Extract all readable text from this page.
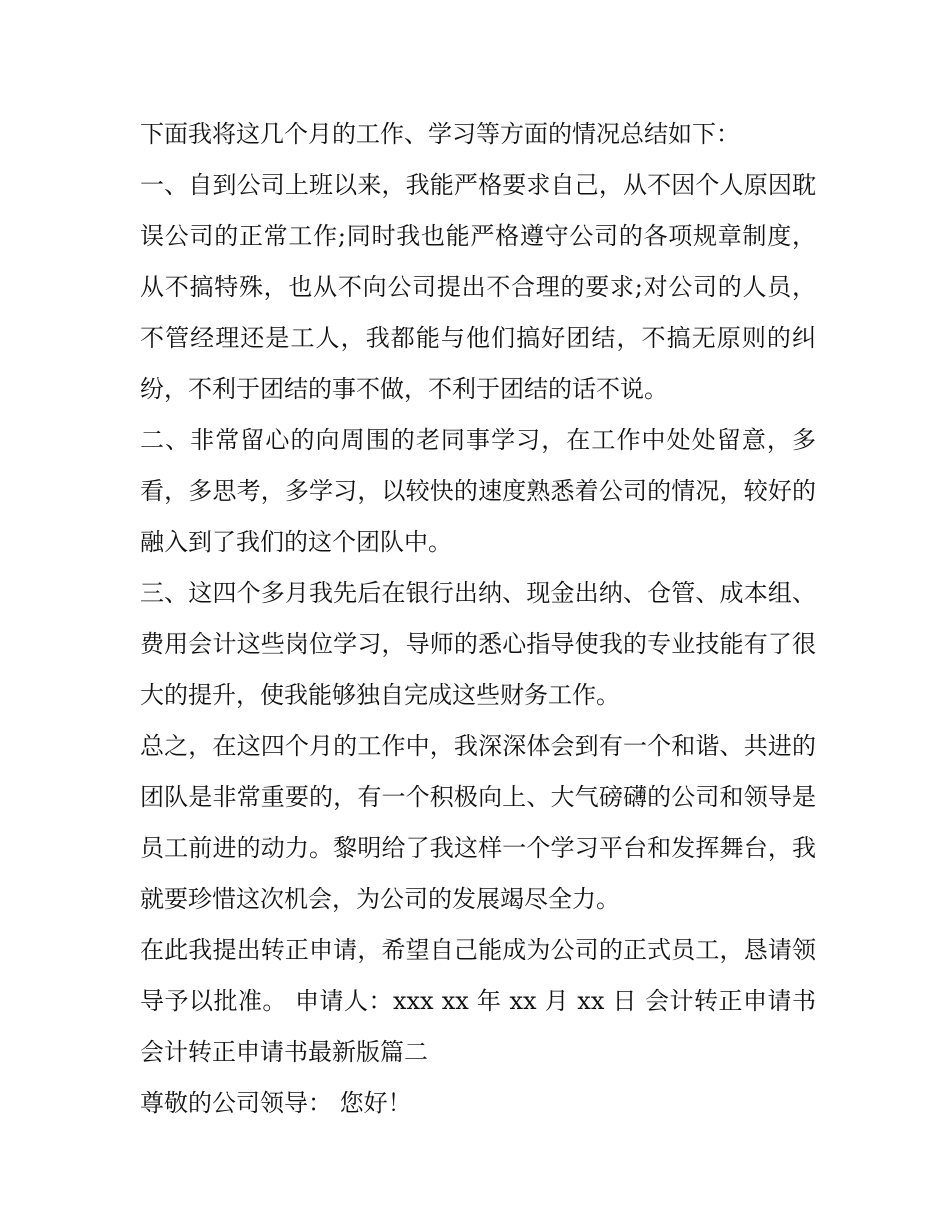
下面我将这几个月的工作、学习等方面的情况总结如下：

一、自到公司上班以来，我能严格要求自己，从不因个人原因耽误公司的正常工作;同时我也能严格遵守公司的各项规章制度，从不搞特殊，也从不向公司提出不合理的要求;对公司的人员，不管经理还是工人，我都能与他们搞好团结，不搞无原则的纠纷，不利于团结的事不做，不利于团结的话不说。

二、非常留心的向周围的老同事学习，在工作中处处留意，多看，多思考，多学习，以较快的速度熟悉着公司的情况，较好的融入到了我们的这个团队中。

三、这四个多月我先后在银行出纳、现金出纳、仓管、成本组、费用会计这些岗位学习，导师的悉心指导使我的专业技能有了很大的提升，使我能够独自完成这些财务工作。

总之，在这四个月的工作中，我深深体会到有一个和谐、共进的团队是非常重要的，有一个积极向上、大气磅礴的公司和领导是员工前进的动力。黎明给了我这样一个学习平台和发挥舞台，我就要珍惜这次机会，为公司的发展竭尽全力。

在此我提出转正申请，希望自己能成为公司的正式员工，恳请领导予以批准。 申请人：xxx xx 年 xx 月 xx 日 会计转正申请书 会计转正申请书最新版篇二

尊敬的公司领导： 您好！
